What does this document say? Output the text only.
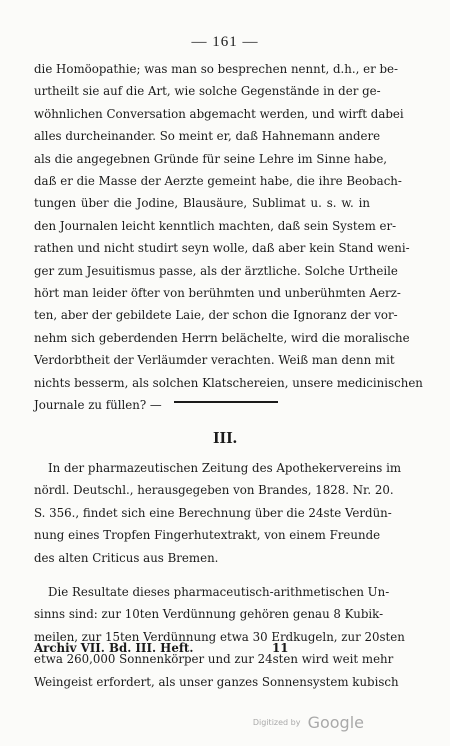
— 161 —
die Homöopathie; was man so besprechen nennt, d.h., er be-
urtheilt sie auf die Art, wie solche Gegenstände in der ge-
wöhnlichen Conversation abgemacht werden, und wirft dabei
alles durcheinander. So meint er, daß Hahnemann andere
als die angegebnen Gründe für seine Lehre im Sinne habe,
daß er die Masse der Aerzte gemeint habe, die ihre Beobach-
tungen über die Jodine, Blausäure, Sublimat u. s. w. in
den Journalen leicht kenntlich machten, daß sein System er-
rathen und nicht studirt seyn wolle, daß aber kein Stand weni-
ger zum Jesuitismus passe, als der ärztliche. Solche Urtheile
hört man leider öfter von berühmten und unberühmten Aerz-
ten, aber der gebildete Laie, der schon die Ignoranz der vor-
nehm sich geberdenden Herrn belächelte, wird die moralische
Verdorbtheit der Verläumder verachten. Weiß man denn mit
nichts besserm, als solchen Klatschereien, unsere medicinischen
Journale zu füllen? —
III.
In der pharmazeutischen Zeitung des Apothekervereins im
nördl. Deutschl., herausgegeben von Brandes, 1828. Nr. 20.
S. 356., findet sich eine Berechnung über die 24ste Verdün-
nung eines Tropfen Fingerhutextrakt, von einem Freunde
des alten Criticus aus Bremen.
Die Resultate dieses pharmaceutisch-arithmetischen Un-
sinns sind: zur 10ten Verdünnung gehören genau 8 Kubik-
meilen, zur 15ten Verdünnung etwa 30 Erdkugeln, zur 20sten
etwa 260,000 Sonnenkörper und zur 24sten wird weit mehr
Weingeist erfordert, als unser ganzes Sonnensystem kubisch
Archiv VII. Bd. III. Heft.	11
Digitized by Google
